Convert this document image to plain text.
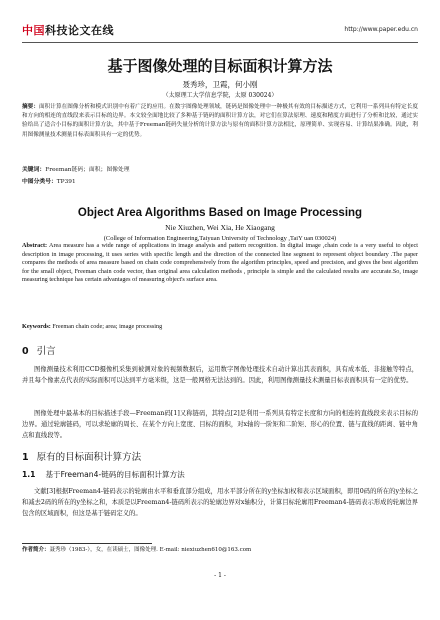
中国科技论文在线	http://www.paper.edu.cn
基于图像处理的目标面积计算方法
聂秀珍，卫霞，何小刚
（太原理工大学信息学院，太原 030024）
摘要：面积计算在图像分析和模式识别中有着广泛的应用。在数字图像处理领域，链码是图像处理中一种极其有效的目标描述方式，它利用一系列具有特定长度和方向的相连的直线段来表示目标的边界。本文较全面地比较了多种基于链码的面积计算方法，对它们在算法原理、速度和精度方面进行了分析和比较，通过实验给出了适合小目标的面积计算方法，其中基于Freeman链码失量分析的计算方法与原有的面积计算方法相比，原理简单、实现容易、计算结果准确。因此，利用图像测量技术测量目标表面积具有一定的优势。
关键词：Freeman链码；面积；图像处理
中图分类号：TP391
Object Area Algorithms Based on Image Processing
Nie Xiuzhen, Wei Xia, He Xiaogang
(College of Information Engineering,Taiyuan University of Technology ,TaiY uan 030024)
Abstract: Area measure has a wide range of applications in image analysis and pattern recognition. In digital image ,chain code is a very useful to object description in image processing, it uses series with specific length and the direction of the connected line segment to represent object boundary .The paper compares the methods of area measure based on chain code comprehensively from the algorithm principles, speed and precision, and gives the best algorithm for the small object, Freeman chain code vector, than original area calculation methods , principle is simple and the calculated results are accurate.So, image measuring technique has certain advantages of measuring object's surface area.
Keywords: Freeman chain code; area; image processing
0 引言
图像测量技术利用CCD摄像机采集到被测对象的视频数据后，运用数字图像处理技术自动计算出其表面积，具有成本低、非接触等特点，并且每个像素点代表的实际面积可以达到平方毫米级，这是一般网格无法达到的。因此，利用图像测量技术测量目标表面积具有一定的优势。
图像处理中最基本的目标描述手段—Freeman码[1]又称链码，其特点[2]是利用一系列具有特定长度和方向的相连的直线段来表示目标的边界。通过轮廓链码，可以求轮廓的周长、在某个方向上宽度、目标的面积，对x轴的一阶矩和二阶矩、形心的位置、链与直线的距离、链中角点和直线段等。
1 原有的目标面积计算方法
1.1 基于Freeman4-链码的目标面积计算方法
文献[3]根据Freeman4-链码表示的轮廓由水平和垂直部分组成，用水平部分所在的y坐标加权和表示区域面积，即用0码的所在的y坐标之和减去2码的所在的y坐标之和，本质是以Freeman4-链码所表示的轮廓边界对x轴积分，计算目标轮廓用Freeman4-链码表示形成的轮廓边界包含的区域面积，但这是基于链码定义的。
作者简介：聂秀珍（1983-），女，在读硕士，图像处理. E-mail: niexiuzhen610@163.com
- 1 -
